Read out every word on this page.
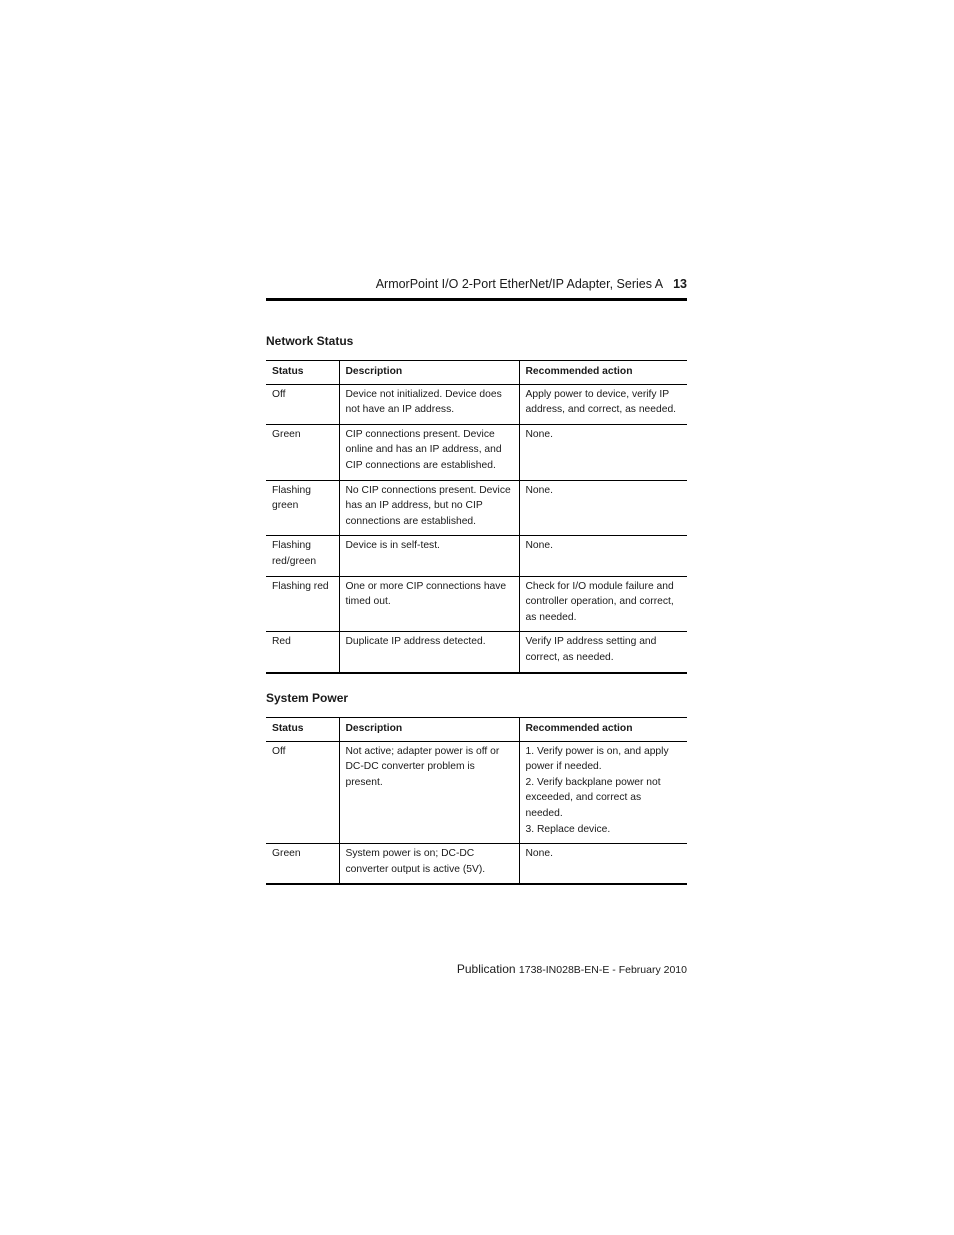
ArmorPoint I/O 2-Port EtherNet/IP Adapter, Series A 13
Network Status
Status	Description	Recommended action
Off	Device not initialized. Device does not have an IP address.	Apply power to device, verify IP address, and correct, as needed.
Green	CIP connections present. Device online and has an IP address, and CIP connections are established.	None.
Flashing green	No CIP connections present. Device has an IP address, but no CIP connections are established.	None.
Flashing red/green	Device is in self-test.	None.
Flashing red	One or more CIP connections have timed out.	Check for I/O module failure and controller operation, and correct, as needed.
Red	Duplicate IP address detected.	Verify IP address setting and correct, as needed.
System Power
Status	Description	Recommended action
Off	Not active; adapter power is off or DC-DC converter problem is present.	1. Verify power is on, and apply power if needed.
2. Verify backplane power not exceeded, and correct as needed.
3. Replace device.
Green	System power is on; DC-DC converter output is active (5V).	None.
Publication 1738-IN028B-EN-E - February 2010
